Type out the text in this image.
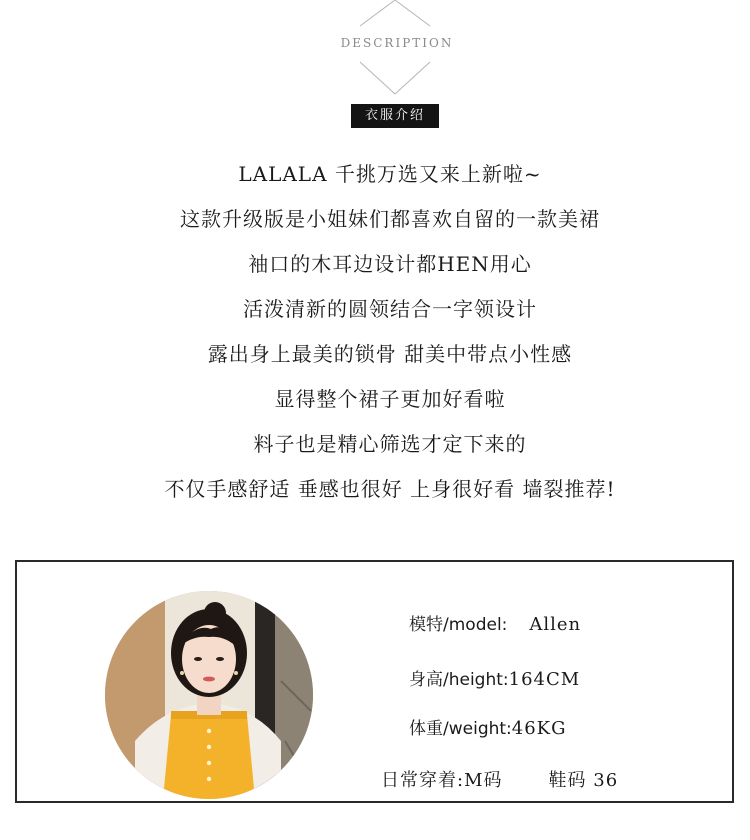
DESCRIPTION
衣服介绍
LALALA 千挑万选又来上新啦~
这款升级版是小姐妹们都喜欢自留的一款美裙
袖口的木耳边设计都HEN用心
活泼清新的圆领结合一字领设计
露出身上最美的锁骨 甜美中带点小性感
显得整个裙子更加好看啦
料子也是精心筛选才定下来的
不仅手感舒适 垂感也很好 上身很好看 墙裂推荐!
模特/model: Allen
身高/height:164CM
体重/weight:46KG
日常穿着:M码	鞋码 36
